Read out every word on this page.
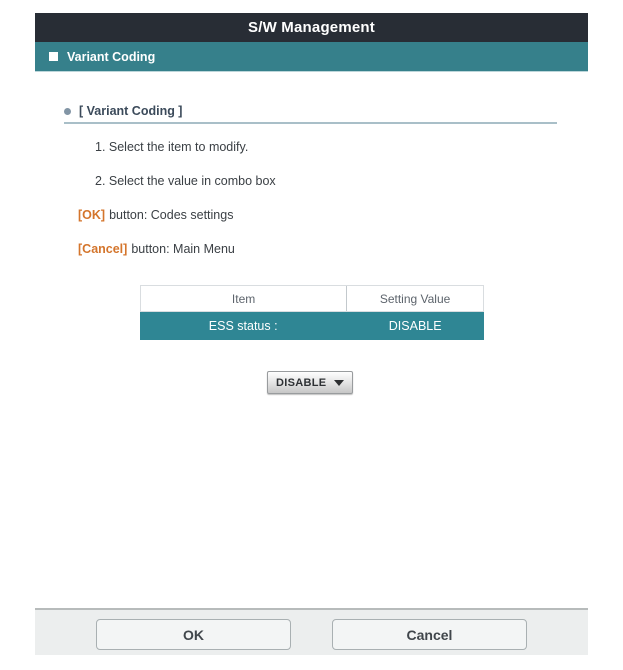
S/W Management
Variant Coding
[ Variant Coding ]
1. Select the item to modify.
2. Select the value in combo box
[OK] button: Codes settings
[Cancel] button: Main Menu
Item	Setting Value
ESS status :	DISABLE
DISABLE
OK	Cancel
